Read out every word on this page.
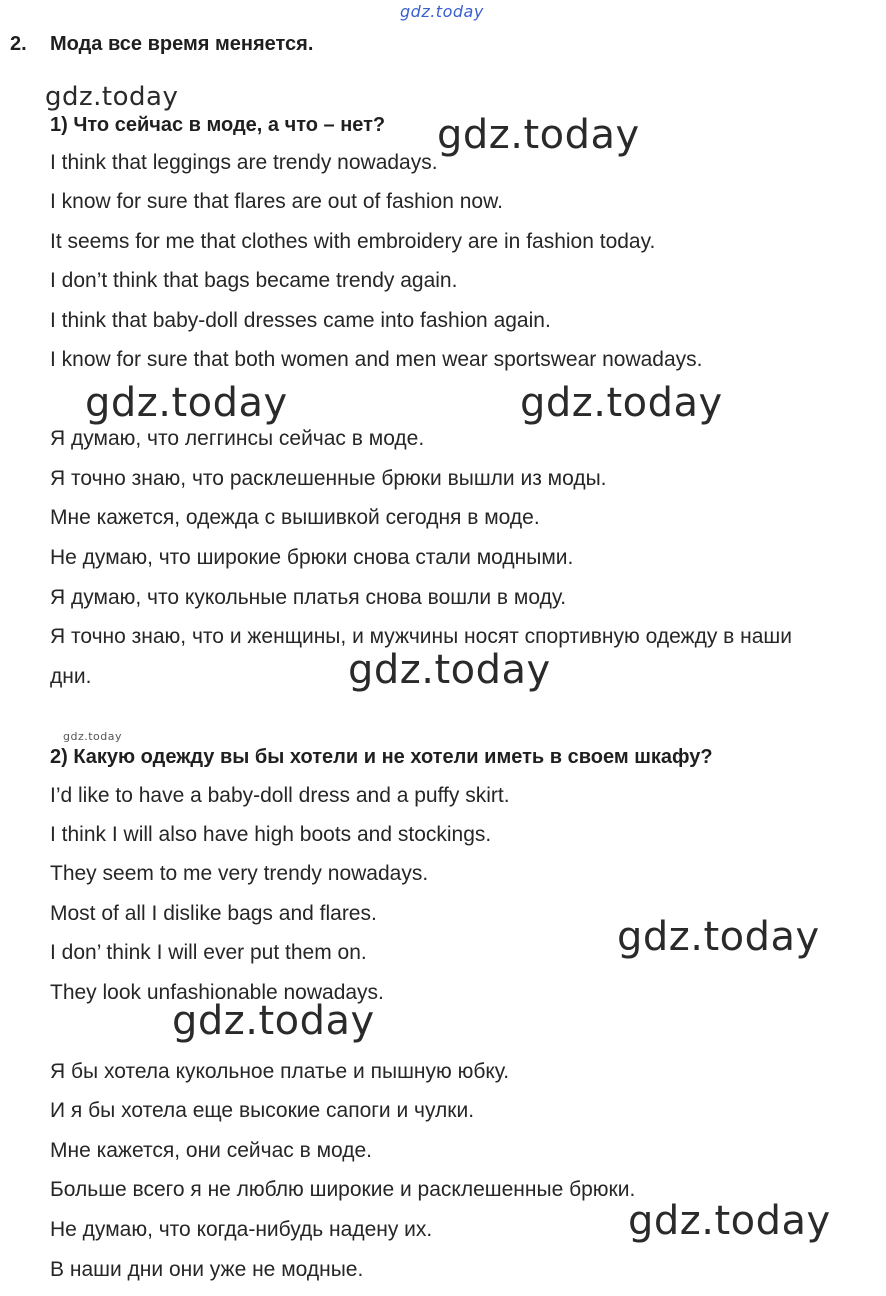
gdz.today
2. Мода все время меняется.
gdz.today
1) Что сейчас в моде, а что – нет? gdz.today
I think that leggings are trendy nowadays.
I know for sure that flares are out of fashion now.
It seems for me that clothes with embroidery are in fashion today.
I don’t think that bags became trendy again.
I think that baby-doll dresses came into fashion again.
I know for sure that both women and men wear sportswear nowadays.
gdz.today	gdz.today
Я думаю, что леггинсы сейчас в моде.
Я точно знаю, что расклешенные брюки вышли из моды.
Мне кажется, одежда с вышивкой сегодня в моде.
Не думаю, что широкие брюки снова стали модными.
Я думаю, что кукольные платья снова вошли в моду.
Я точно знаю, что и женщины, и мужчины носят спортивную одежду в наши
дни.	gdz.today
gdz.today
2) Какую одежду вы бы хотели и не хотели иметь в своем шкафу?
I’d like to have a baby-doll dress and a puffy skirt.
I think I will also have high boots and stockings.
They seem to me very trendy nowadays.
Most of all I dislike bags and flares.
I don’ think I will ever put them on.
They look unfashionable nowadays.
gdz.today
gdz.today
Я бы хотела кукольное платье и пышную юбку.
И я бы хотела еще высокие сапоги и чулки.
Мне кажется, они сейчас в моде.
Больше всего я не люблю широкие и расклешенные брюки.
Не думаю, что когда-нибудь надену их.
В наши дни они уже не модные.
gdz.today
